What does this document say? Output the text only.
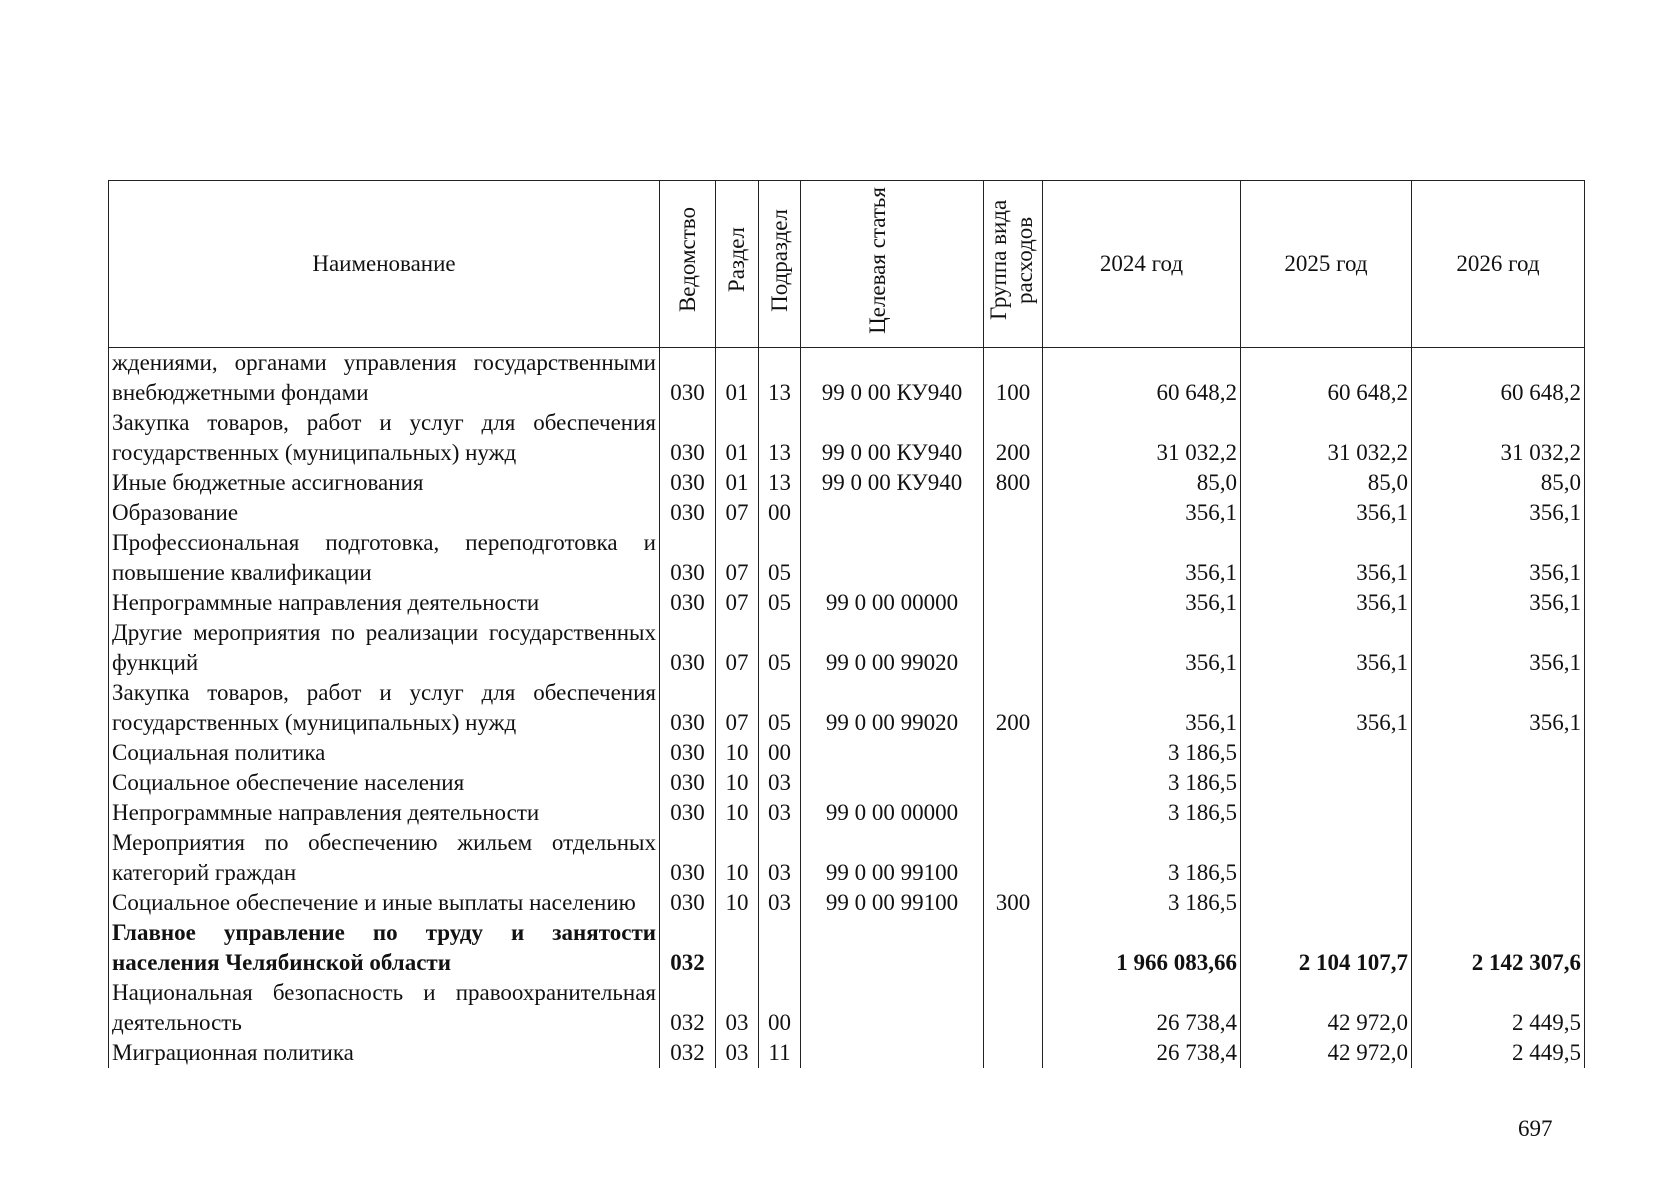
Наименование	Ведомство	Раздел	Подраздел	Целевая статья	Группа вида расходов	2024 год	2025 год	2026 год
ждениями, органами управления государственными внебюджетными фондами	030	01	13	99 0 00 КУ940	100	60 648,2	60 648,2	60 648,2
Закупка товаров, работ и услуг для обеспечения государственных (муниципальных) нужд	030	01	13	99 0 00 КУ940	200	31 032,2	31 032,2	31 032,2
Иные бюджетные ассигнования	030	01	13	99 0 00 КУ940	800	85,0	85,0	85,0
Образование	030	07	00			356,1	356,1	356,1
Профессиональная подготовка, переподготовка и повышение квалификации	030	07	05			356,1	356,1	356,1
Непрограммные направления деятельности	030	07	05	99 0 00 00000		356,1	356,1	356,1
Другие мероприятия по реализации государственных функций	030	07	05	99 0 00 99020		356,1	356,1	356,1
Закупка товаров, работ и услуг для обеспечения государственных (муниципальных) нужд	030	07	05	99 0 00 99020	200	356,1	356,1	356,1
Социальная политика	030	10	00			3 186,5		
Социальное обеспечение населения	030	10	03			3 186,5		
Непрограммные направления деятельности	030	10	03	99 0 00 00000		3 186,5		
Мероприятия по обеспечению жильем отдельных категорий граждан	030	10	03	99 0 00 99100		3 186,5		
Социальное обеспечение и иные выплаты населению	030	10	03	99 0 00 99100	300	3 186,5		
Главное управление по труду и занятости населения Челябинской области	032					1 966 083,66	2 104 107,7	2 142 307,6
Национальная безопасность и правоохранительная деятельность	032	03	00			26 738,4	42 972,0	2 449,5
Миграционная политика	032	03	11			26 738,4	42 972,0	2 449,5
697
